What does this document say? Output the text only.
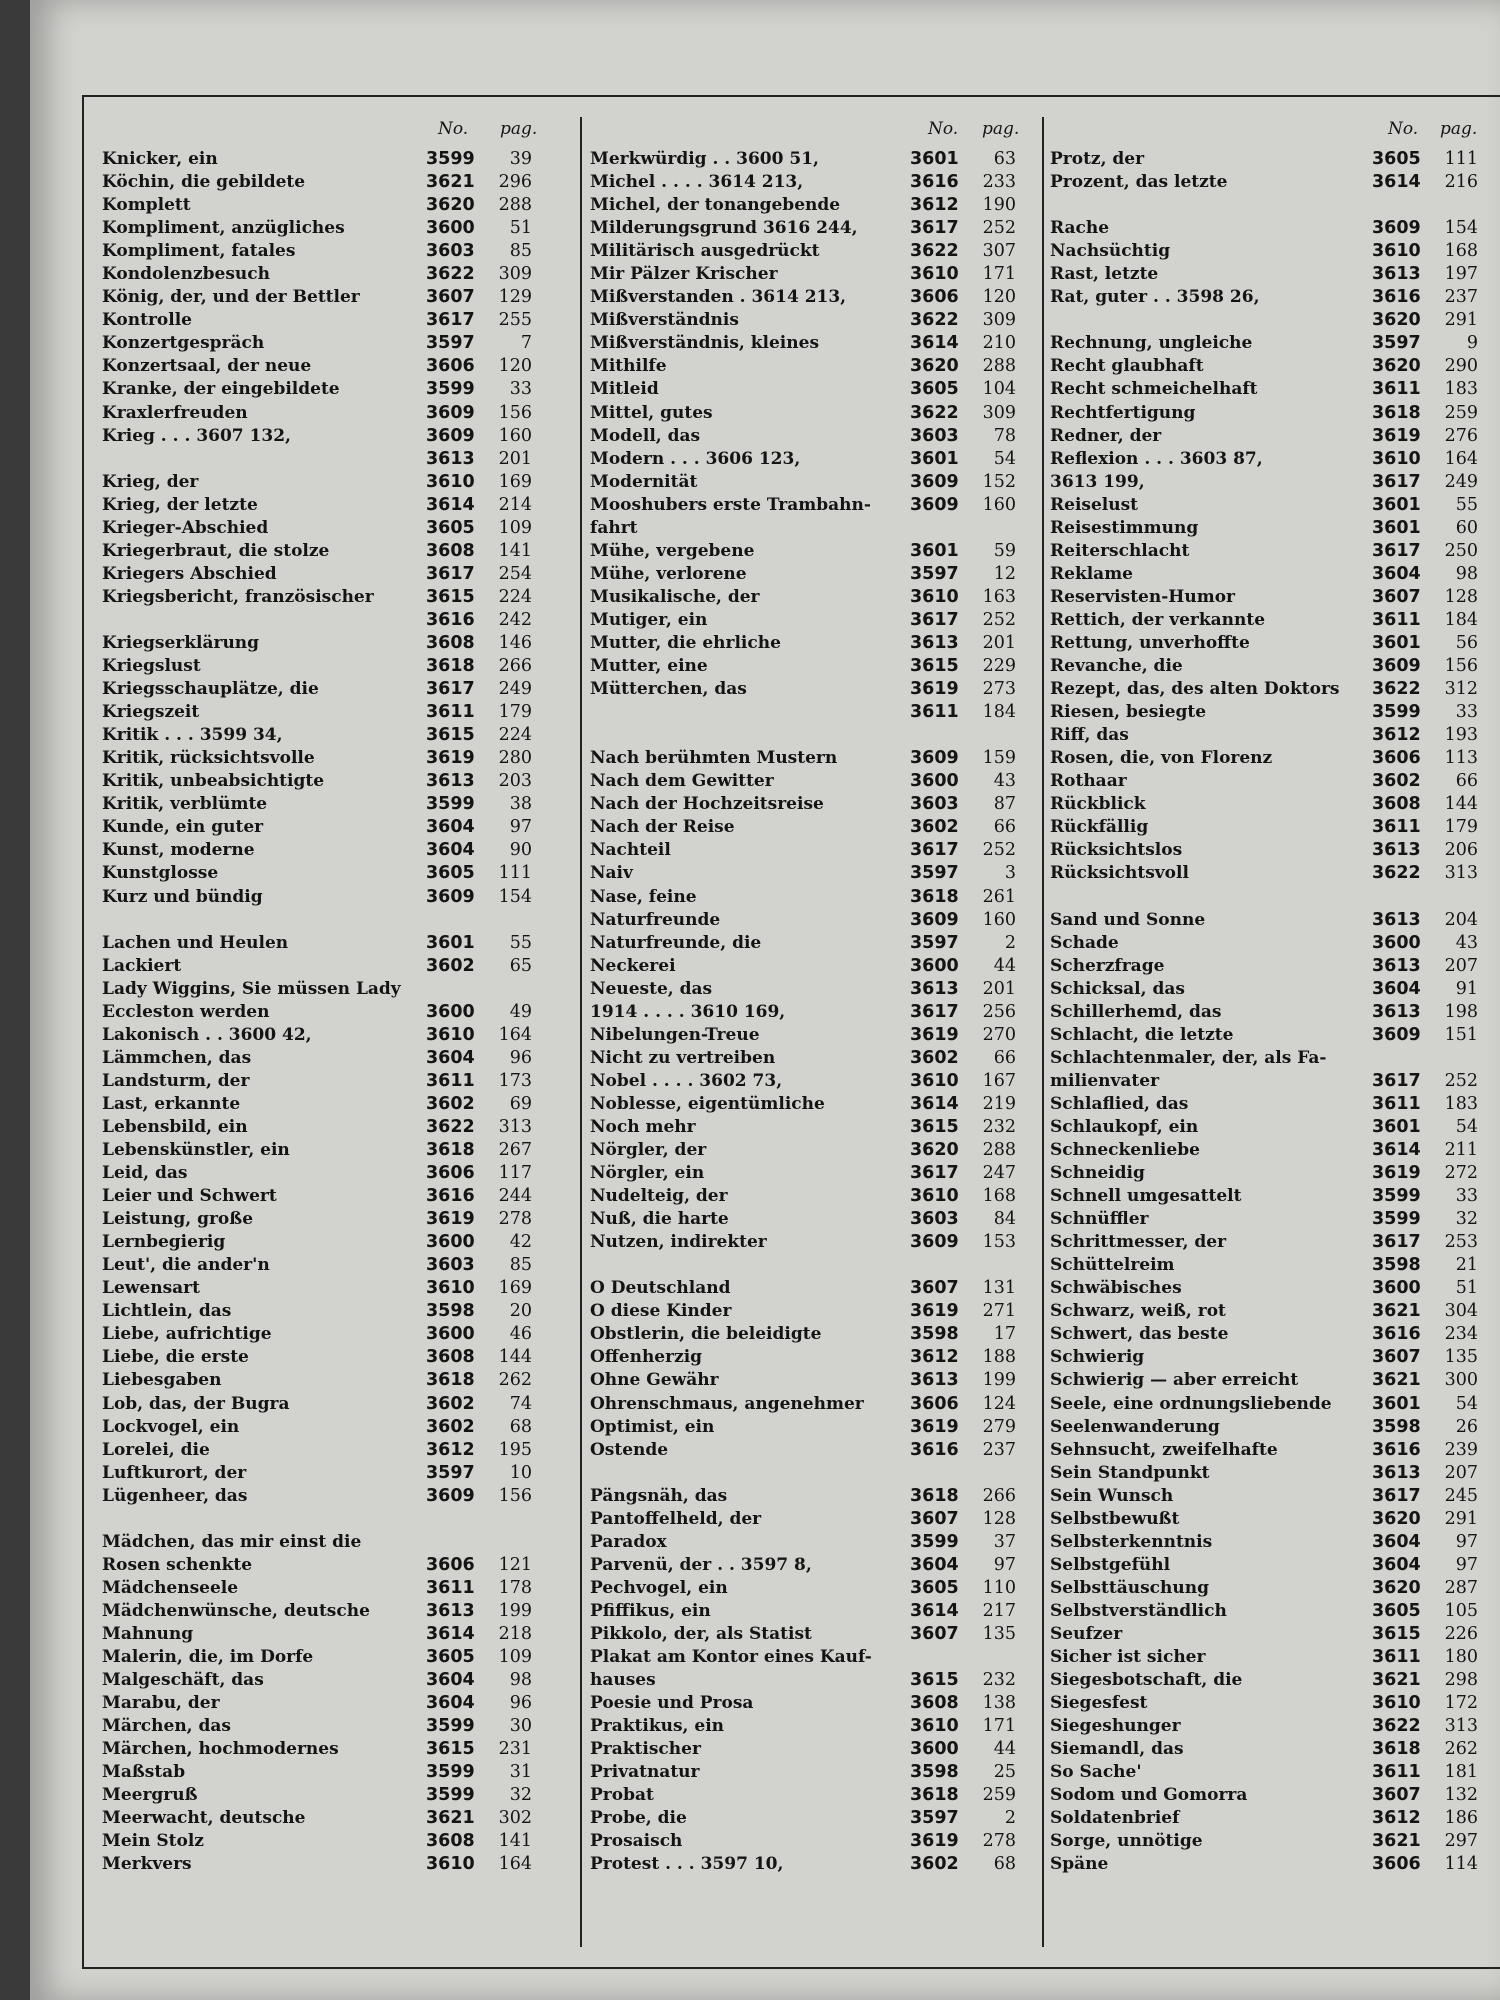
No. pag.
Knicker, ein	3599	39
Köchin, die gebildete	3621	296
Komplett	3620	288
Kompliment, anzügliches	3600	51
Kompliment, fatales	3603	85
Kondolenzbesuch	3622	309
König, der, und der Bettler	3607	129
Kontrolle	3617	255
Konzertgespräch	3597	7
Konzertsaal, der neue	3606	120
Kranke, der eingebildete	3599	33
Kraxlerfreuden	3609	156
Krieg . . . 3607 132,	3609	160
3613	201
Krieg, der	3610	169
Krieg, der letzte	3614	214
Krieger-Abschied	3605	109
Kriegerbraut, die stolze	3608	141
Kriegers Abschied	3617	254
Kriegsbericht, französischer	3615	224
3616	242
Kriegserklärung	3608	146
Kriegslust	3618	266
Kriegsschauplätze, die	3617	249
Kriegszeit	3611	179
Kritik . . . 3599 34,	3615	224
Kritik, rücksichtsvolle	3619	280
Kritik, unbeabsichtigte	3613	203
Kritik, verblümte	3599	38
Kunde, ein guter	3604	97
Kunst, moderne	3604	90
Kunstglosse	3605	111
Kurz und bündig	3609	154
Lachen und Heulen	3601	55
Lackiert	3602	65
Lady Wiggins, Sie müssen Lady
Eccleston werden	3600	49
Lakonisch . . 3600 42,	3610	164
Lämmchen, das	3604	96
Landsturm, der	3611	173
Last, erkannte	3602	69
Lebensbild, ein	3622	313
Lebenskünstler, ein	3618	267
Leid, das	3606	117
Leier und Schwert	3616	244
Leistung, große	3619	278
Lernbegierig	3600	42
Leut', die ander'n	3603	85
Lewensart	3610	169
Lichtlein, das	3598	20
Liebe, aufrichtige	3600	46
Liebe, die erste	3608	144
Liebesgaben	3618	262
Lob, das, der Bugra	3602	74
Lockvogel, ein	3602	68
Lorelei, die	3612	195
Luftkurort, der	3597	10
Lügenheer, das	3609	156
Mädchen, das mir einst die
Rosen schenkte	3606	121
Mädchenseele	3611	178
Mädchenwünsche, deutsche	3613	199
Mahnung	3614	218
Malerin, die, im Dorfe	3605	109
Malgeschäft, das	3604	98
Marabu, der	3604	96
Märchen, das	3599	30
Märchen, hochmodernes	3615	231
Maßstab	3599	31
Meergruß	3599	32
Meerwacht, deutsche	3621	302
Mein Stolz	3608	141
Merkvers	3610	164
No. pag.
Merkwürdig . . 3600 51,	3601	63
Michel . . . . 3614 213,	3616	233
Michel, der tonangebende	3612	190
Milderungsgrund 3616 244,	3617	252
Militärisch ausgedrückt	3622	307
Mir Pälzer Krischer	3610	171
Mißverstanden . 3614 213,	3606	120
Mißverständnis	3622	309
Mißverständnis, kleines	3614	210
Mithilfe	3620	288
Mitleid	3605	104
Mittel, gutes	3622	309
Modell, das	3603	78
Modern . . . 3606 123,	3601	54
Modernität	3609	152
Mooshubers erste Trambahn- 3609	160
fahrt
Mühe, vergebene	3601	59
Mühe, verlorene	3597	12
Musikalische, der	3610	163
Mutiger, ein	3617	252
Mutter, die ehrliche	3613	201
Mutter, eine	3615	229
Mütterchen, das	3619	273
3611	184
Nach berühmten Mustern	3609	159
Nach dem Gewitter	3600	43
Nach der Hochzeitsreise	3603	87
Nach der Reise	3602	66
Nachteil	3617	252
Naiv	3597	3
Nase, feine	3618	261
Naturfreunde	3609	160
Naturfreunde, die	3597	2
Neckerei	3600	44
Neueste, das	3613	201
1914 . . . . 3610 169,	3617	256
Nibelungen-Treue	3619	270
Nicht zu vertreiben	3602	66
Nobel . . . . 3602 73,	3610	167
Noblesse, eigentümliche	3614	219
Noch mehr	3615	232
Nörgler, der	3620	288
Nörgler, ein	3617	247
Nudelteig, der	3610	168
Nuß, die harte	3603	84
Nutzen, indirekter	3609	153
O Deutschland	3607	131
O diese Kinder	3619	271
Obstlerin, die beleidigte	3598	17
Offenherzig	3612	188
Ohne Gewähr	3613	199
Ohrenschmaus, angenehmer	3606	124
Optimist, ein	3619	279
Ostende	3616	237
Pängsnäh, das	3618	266
Pantoffelheld, der	3607	128
Paradox	3599	37
Parvenü, der . . 3597 8,	3604	97
Pechvogel, ein	3605	110
Pfiffikus, ein	3614	217
Pikkolo, der, als Statist	3607	135
Plakat am Kontor eines Kauf-
hauses	3615	232
Poesie und Prosa	3608	138
Praktikus, ein	3610	171
Praktischer	3600	44
Privatnatur	3598	25
Probat	3618	259
Probe, die	3597	2
Prosaisch	3619	278
Protest . . . 3597 10,	3602	68
No. pag.
Protz, der	3605	111
Prozent, das letzte	3614	216
Rache	3609	154
Nachsüchtig	3610	168
Rast, letzte	3613	197
Rat, guter . . 3598 26,	3616	237
3620	291
Rechnung, ungleiche	3597	9
Recht glaubhaft	3620	290
Recht schmeichelhaft	3611	183
Rechtfertigung	3618	259
Redner, der	3619	276
Reflexion . . . 3603 87,	3610	164
3613 199,	3617	249
Reiselust	3601	55
Reisestimmung	3601	60
Reiterschlacht	3617	250
Reklame	3604	98
Reservisten-Humor	3607	128
Rettich, der verkannte	3611	184
Rettung, unverhoffte	3601	56
Revanche, die	3609	156
Rezept, das, des alten Doktors 3622	312
Riesen, besiegte	3599	33
Riff, das	3612	193
Rosen, die, von Florenz	3606	113
Rothaar	3602	66
Rückblick	3608	144
Rückfällig	3611	179
Rücksichtslos	3613	206
Rücksichtsvoll	3622	313
Sand und Sonne	3613	204
Schade	3600	43
Scherzfrage	3613	207
Schicksal, das	3604	91
Schillerhemd, das	3613	198
Schlacht, die letzte	3609	151
Schlachtenmaler, der, als Fa-
milienvater	3617	252
Schlaflied, das	3611	183
Schlaukopf, ein	3601	54
Schneckenliebe	3614	211
Schneidig	3619	272
Schnell umgesattelt	3599	33
Schnüffler	3599	32
Schrittmesser, der	3617	253
Schüttelreim	3598	21
Schwäbisches	3600	51
Schwarz, weiß, rot	3621	304
Schwert, das beste	3616	234
Schwierig	3607	135
Schwierig — aber erreicht	3621	300
Seele, eine ordnungsliebende 3601	54
Seelenwanderung	3598	26
Sehnsucht, zweifelhafte	3616	239
Sein Standpunkt	3613	207
Sein Wunsch	3617	245
Selbstbewußt	3620	291
Selbsterkenntnis	3604	97
Selbstgefühl	3604	97
Selbsttäuschung	3620	287
Selbstverständlich	3605	105
Seufzer	3615	226
Sicher ist sicher	3611	180
Siegesbotschaft, die	3621	298
Siegesfest	3610	172
Siegeshunger	3622	313
Siemandl, das	3618	262
So Sache'	3611	181
Sodom und Gomorra	3607	132
Soldatenbrief	3612	186
Sorge, unnötige	3621	297
Späne	3606	114
